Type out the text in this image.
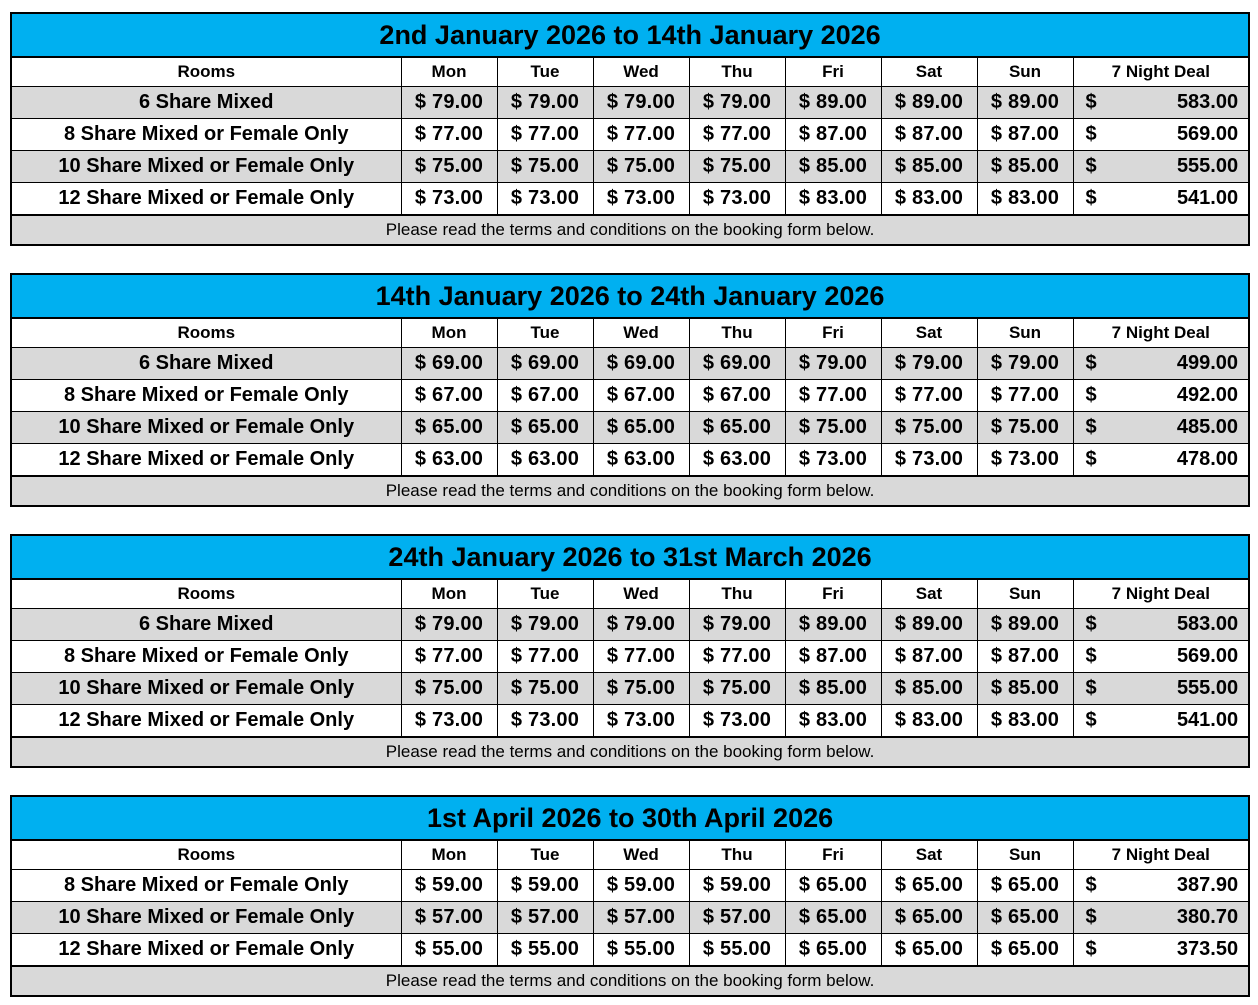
2nd January 2026 to 14th January 2026								
Rooms	Mon	Tue	Wed	Thu	Fri	Sat	Sun	7 Night Deal
6 Share Mixed	$ 79.00	$ 79.00	$ 79.00	$ 79.00	$ 89.00	$ 89.00	$ 89.00	$ 583.00

8 Share Mixed or Female Only	$ 77.00	$ 77.00	$ 77.00	$ 77.00	$ 87.00	$ 87.00	$ 87.00	$ 569.00

10 Share Mixed or Female Only	$ 75.00	$ 75.00	$ 75.00	$ 75.00	$ 85.00	$ 85.00	$ 85.00	$ 555.00

12 Share Mixed or Female Only	$ 73.00	$ 73.00	$ 73.00	$ 73.00	$ 83.00	$ 83.00	$ 83.00	$ 541.00

Please read the terms and conditions on the booking form below.								
14th January 2026 to 24th January 2026								
Rooms	Mon	Tue	Wed	Thu	Fri	Sat	Sun	7 Night Deal
6 Share Mixed	$ 69.00	$ 69.00	$ 69.00	$ 69.00	$ 79.00	$ 79.00	$ 79.00	$ 499.00

8 Share Mixed or Female Only	$ 67.00	$ 67.00	$ 67.00	$ 67.00	$ 77.00	$ 77.00	$ 77.00	$ 492.00

10 Share Mixed or Female Only	$ 65.00	$ 65.00	$ 65.00	$ 65.00	$ 75.00	$ 75.00	$ 75.00	$ 485.00

12 Share Mixed or Female Only	$ 63.00	$ 63.00	$ 63.00	$ 63.00	$ 73.00	$ 73.00	$ 73.00	$ 478.00

Please read the terms and conditions on the booking form below.								
24th January 2026 to 31st March 2026								
Rooms	Mon	Tue	Wed	Thu	Fri	Sat	Sun	7 Night Deal
6 Share Mixed	$ 79.00	$ 79.00	$ 79.00	$ 79.00	$ 89.00	$ 89.00	$ 89.00	$ 583.00

8 Share Mixed or Female Only	$ 77.00	$ 77.00	$ 77.00	$ 77.00	$ 87.00	$ 87.00	$ 87.00	$ 569.00

10 Share Mixed or Female Only	$ 75.00	$ 75.00	$ 75.00	$ 75.00	$ 85.00	$ 85.00	$ 85.00	$ 555.00

12 Share Mixed or Female Only	$ 73.00	$ 73.00	$ 73.00	$ 73.00	$ 83.00	$ 83.00	$ 83.00	$ 541.00

Please read the terms and conditions on the booking form below.								
1st April 2026 to 30th April 2026								
Rooms	Mon	Tue	Wed	Thu	Fri	Sat	Sun	7 Night Deal
8 Share Mixed or Female Only	$ 59.00	$ 59.00	$ 59.00	$ 59.00	$ 65.00	$ 65.00	$ 65.00	$ 387.90

10 Share Mixed or Female Only	$ 57.00	$ 57.00	$ 57.00	$ 57.00	$ 65.00	$ 65.00	$ 65.00	$ 380.70

12 Share Mixed or Female Only	$ 55.00	$ 55.00	$ 55.00	$ 55.00	$ 65.00	$ 65.00	$ 65.00	$ 373.50

Please read the terms and conditions on the booking form below.								
